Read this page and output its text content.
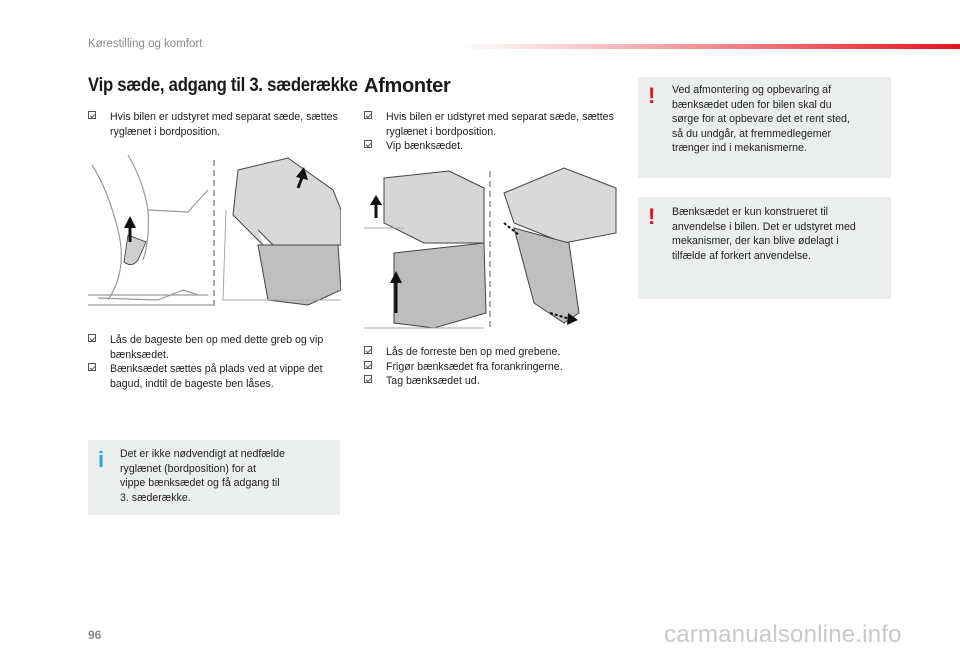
Kørestilling og komfort
Vip sæde, adgang til 3. sæderække
Hvis bilen er udstyret med separat sæde, sættes ryglænet i bordposition.
Lås de bageste ben op med dette greb og vip bænksædet.
Bænksædet sættes på plads ved at vippe det bagud, indtil de bageste ben låses.
i Det er ikke nødvendigt at nedfælde
ryglænet (bordposition) for at
vippe bænksædet og få adgang til
3. sæderække.
Afmonter
Hvis bilen er udstyret med separat sæde, sættes ryglænet i bordposition.
Vip bænksædet.
Lås de forreste ben op med grebene.
Frigør bænksædet fra forankringerne.
Tag bænksædet ud.
! Ved afmontering og opbevaring af
bænksædet uden for bilen skal du
sørge for at opbevare det et rent sted,
så du undgår, at fremmedlegemer
trænger ind i mekanismerne.
! Bænksædet er kun konstrueret til
anvendelse i bilen. Det er udstyret med
mekanismer, der kan blive ødelagt i
tilfælde af forkert anvendelse.
96	carmanualsonline.info
